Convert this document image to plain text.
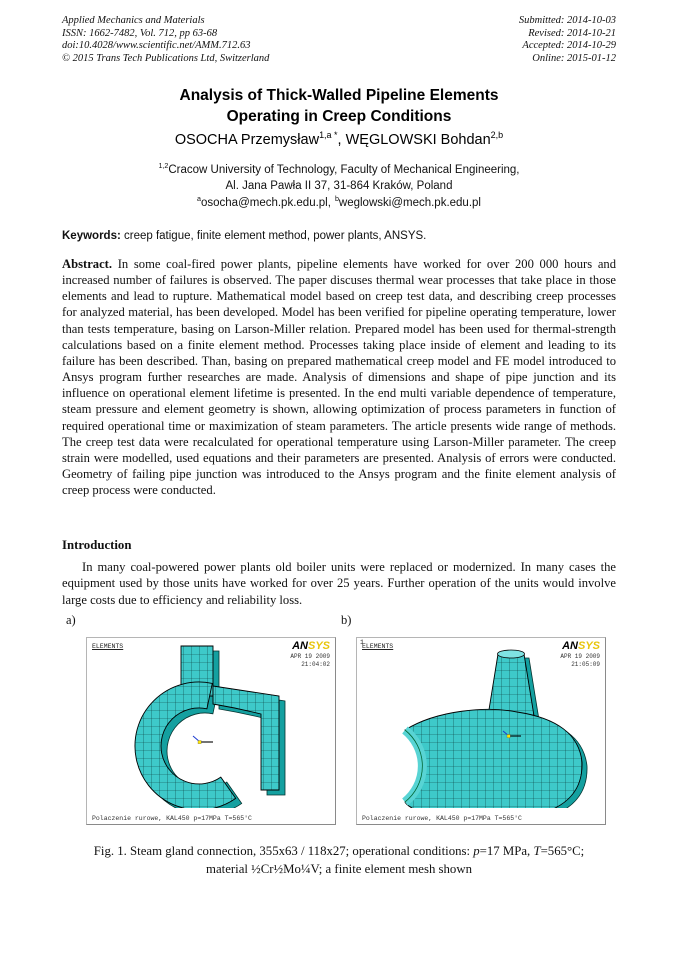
Applied Mechanics and Materials
ISSN: 1662-7482, Vol. 712, pp 63-68
doi:10.4028/www.scientific.net/AMM.712.63
© 2015 Trans Tech Publications Ltd, Switzerland
Submitted: 2014-10-03
Revised: 2014-10-21
Accepted: 2014-10-29
Online: 2015-01-12
Analysis of Thick-Walled Pipeline Elements
Operating in Creep Conditions
OSOCHA Przemysław$^{1,a *}$, WĘGLOWSKI Bohdan$^{2,b}$
$^{1,2}$Cracow University of Technology, Faculty of Mechanical Engineering,
Al. Jana Pawła II 37, 31-864 Kraków, Poland
$^a$osocha@mech.pk.edu.pl, $^b$weglowski@mech.pk.edu.pl
Keywords: creep fatigue, finite element method, power plants, ANSYS.
Abstract. In some coal-fired power plants, pipeline elements have worked for over 200 000 hours and increased number of failures is observed. The paper discuses thermal wear processes that take place in those elements and lead to rupture. Mathematical model based on creep test data, and describing creep processes for analyzed material, has been developed. Model has been verified for pipeline operating temperature, lower than tests temperature, basing on Larson-Miller relation. Prepared model has been used for thermal-strength calculations based on a finite element method. Processes taking place inside of element and leading to its failure has been described. Than, basing on prepared mathematical creep model and FE model introduced to Ansys program further researches are made. Analysis of dimensions and shape of pipe junction and its influence on operational element lifetime is presented. In the end multi variable dependence of temperature, steam pressure and element geometry is shown, allowing optimization of process parameters in function of required operational time or maximization of steam parameters. The article presents wide range of methods. The creep test data were recalculated for operational temperature using Larson-Miller parameter. The creep strain were modelled, used equations and their parameters are presented. Analysis of errors were conducted. Geometry of failing pipe junction was introduced to the Ansys program and the finite element analysis of creep process were conducted.
Introduction
In many coal-powered power plants old boiler units were replaced or modernized. In many cases the equipment used by those units have worked for over 25 years. Further operation of the units would involve large costs due to efficiency and reliability loss.
a)	b)
ELEMENTS	ANSYS
APR 19 2009
21:04:02
Polaczenie rurowe, KAL450 p=17MPa T=565'C
1
ELEMENTS	ANSYS
APR 19 2009
21:05:09
Polaczenie rurowe, KAL450 p=17MPa T=565'C
Fig. 1. Steam gland connection, 355x63 / 118x27; operational conditions: p=17 MPa, T=565°C;
material ½Cr½Mo¼V; a finite element mesh shown
